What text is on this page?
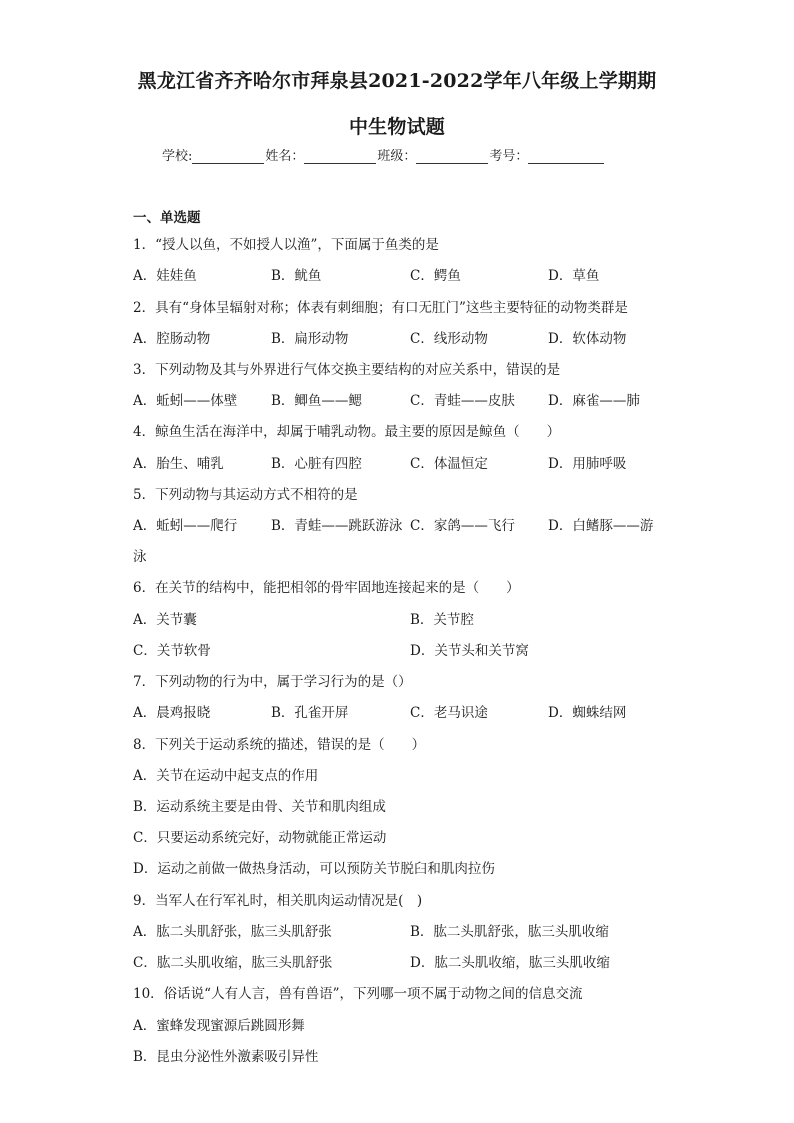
黑龙江省齐齐哈尔市拜泉县2021-2022学年八年级上学期期
中生物试题
学校:	姓名：	班级：	考号：
一、单选题
1．“授人以鱼，不如授人以渔”，下面属于鱼类的是
A．娃娃鱼	B．鱿鱼	C．鳄鱼	D．草鱼
2．具有“身体呈辐射对称；体表有刺细胞；有口无肛门”这些主要特征的动物类群是
A．腔肠动物	B．扁形动物	C．线形动物	D．软体动物
3．下列动物及其与外界进行气体交换主要结构的对应关系中，错误的是
A．蚯蚓——体壁	B．鲫鱼——鳃	C．青蛙——皮肤 D．麻雀——肺
4．鲸鱼生活在海洋中，却属于哺乳动物。最主要的原因是鲸鱼（　　）
A．胎生、哺乳	B．心脏有四腔	C．体温恒定	D．用肺呼吸
5．下列动物与其运动方式不相符的是
A．蚯蚓——爬行	B．青蛙——跳跃游泳 C．家鸽——飞行 D．白鳍豚——游
泳
6．在关节的结构中，能把相邻的骨牢固地连接起来的是（　　）
A．关节囊	B．关节腔
C．关节软骨	D．关节头和关节窝
7．下列动物的行为中，属于学习行为的是（）
A．晨鸡报晓	B．孔雀开屏	C．老马识途	D．蜘蛛结网
8．下列关于运动系统的描述，错误的是（　　）
A．关节在运动中起支点的作用
B．运动系统主要是由骨、关节和肌肉组成
C．只要运动系统完好，动物就能正常运动
D．运动之前做一做热身活动，可以预防关节脱臼和肌肉拉伤
9．当军人在行军礼时，相关肌肉运动情况是(　)
A．肱二头肌舒张，肱三头肌舒张	B．肱二头肌舒张，肱三头肌收缩
C．肱二头肌收缩，肱三头肌舒张	D．肱二头肌收缩，肱三头肌收缩
10．俗话说“人有人言，兽有兽语”，下列哪一项不属于动物之间的信息交流
A．蜜蜂发现蜜源后跳圆形舞
B．昆虫分泌性外激素吸引异性
